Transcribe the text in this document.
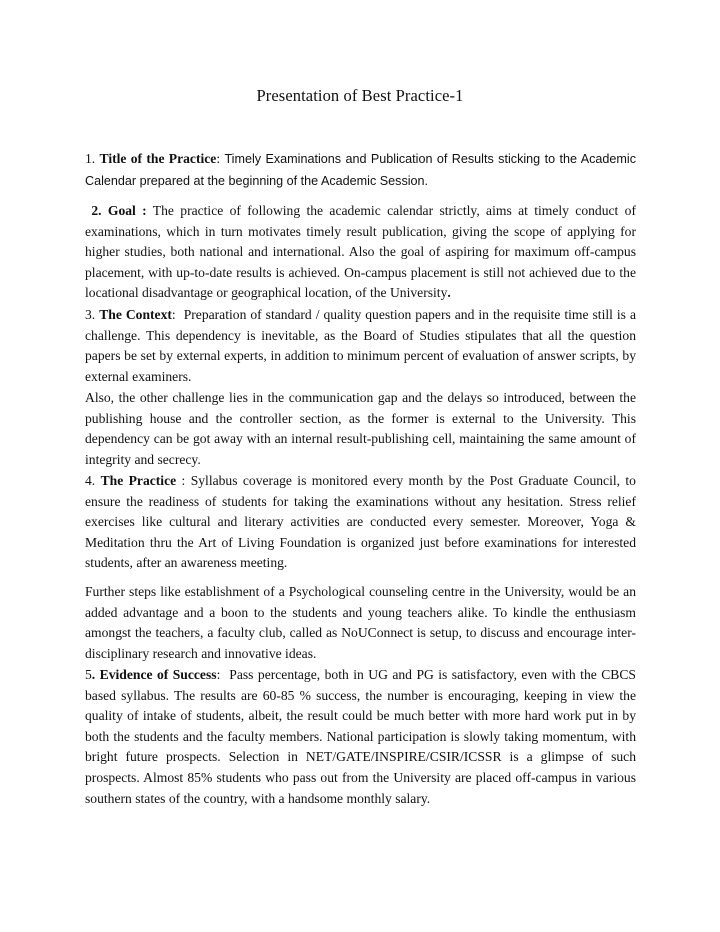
Presentation of Best Practice-1

1. Title of the Practice: Timely Examinations and Publication of Results sticking to the Academic Calendar prepared at the beginning of the Academic Session.

2. Goal : The practice of following the academic calendar strictly, aims at timely conduct of examinations, which in turn motivates timely result publication, giving the scope of applying for higher studies, both national and international. Also the goal of aspiring for maximum off-campus placement, with up-to-date results is achieved. On-campus placement is still not achieved due to the locational disadvantage or geographical location, of the University.

3. The Context: Preparation of standard / quality question papers and in the requisite time still is a challenge. This dependency is inevitable, as the Board of Studies stipulates that all the question papers be set by external experts, in addition to minimum percent of evaluation of answer scripts, by external examiners.

Also, the other challenge lies in the communication gap and the delays so introduced, between the publishing house and the controller section, as the former is external to the University. This dependency can be got away with an internal result-publishing cell, maintaining the same amount of integrity and secrecy.

4. The Practice : Syllabus coverage is monitored every month by the Post Graduate Council, to ensure the readiness of students for taking the examinations without any hesitation. Stress relief exercises like cultural and literary activities are conducted every semester. Moreover, Yoga & Meditation thru the Art of Living Foundation is organized just before examinations for interested students, after an awareness meeting.

Further steps like establishment of a Psychological counseling centre in the University, would be an added advantage and a boon to the students and young teachers alike. To kindle the enthusiasm amongst the teachers, a faculty club, called as NoUConnect is setup, to discuss and encourage inter-disciplinary research and innovative ideas.

5. Evidence of Success: Pass percentage, both in UG and PG is satisfactory, even with the CBCS based syllabus. The results are 60-85 % success, the number is encouraging, keeping in view the quality of intake of students, albeit, the result could be much better with more hard work put in by both the students and the faculty members. National participation is slowly taking momentum, with bright future prospects. Selection in NET/GATE/INSPIRE/CSIR/ICSSR is a glimpse of such prospects. Almost 85% students who pass out from the University are placed off-campus in various southern states of the country, with a handsome monthly salary.
